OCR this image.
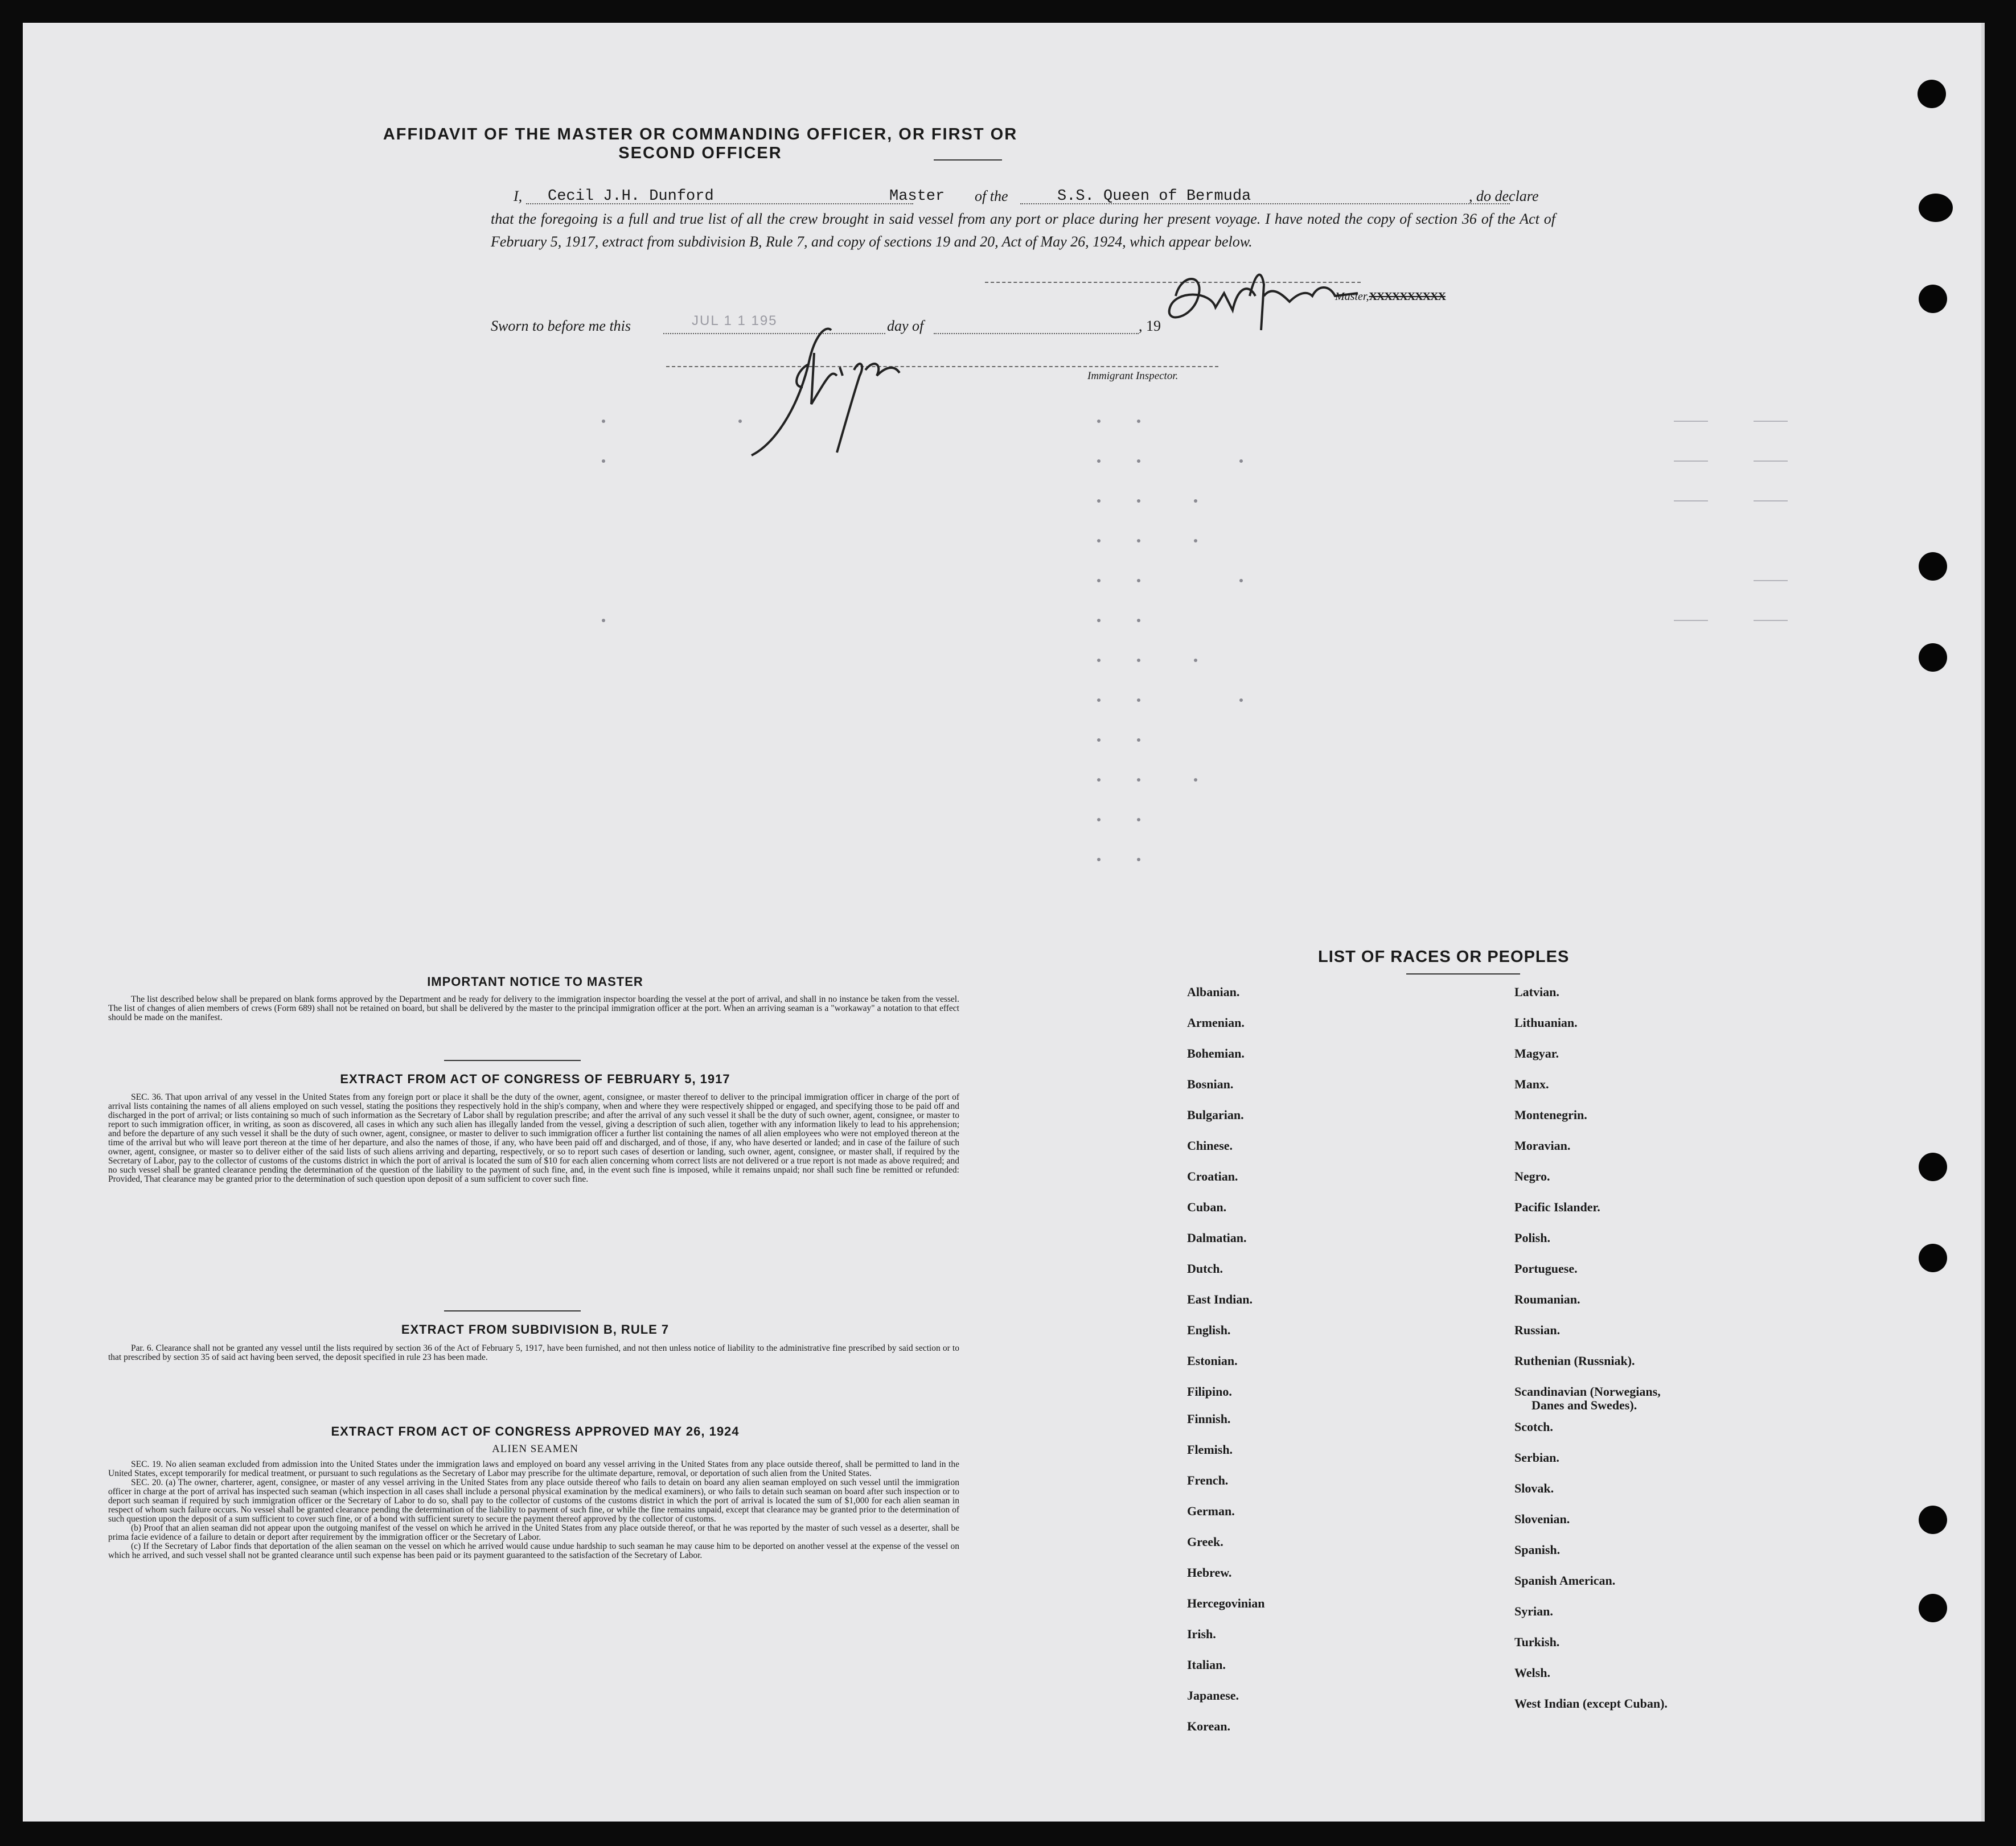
AFFIDAVIT OF THE MASTER OR COMMANDING OFFICER, OR FIRST OR SECOND OFFICER
I, Cecil J.H. Dunford	Master of the	S.S. Queen of Bermuda	, do declare
that the foregoing is a full and true list of all the crew brought in said vessel from any port or place during her present voyage. I have noted the copy of section 36 of the Act of February 5, 1917, extract from subdivision B, Rule 7, and copy of sections 19 and 20, Act of May 26, 1924, which appear below.
Master,XXXXXXXXXX
Sworn to before me this	JUL 1 1 195	day of	, 19
Immigrant Inspector.
IMPORTANT NOTICE TO MASTER
The list described below shall be prepared on blank forms approved by the Department and be ready for delivery to the immigration inspector boarding the vessel at the port of arrival, and shall in no instance be taken from the vessel. The list of changes of alien members of crews (Form 689) shall not be retained on board, but shall be delivered by the master to the principal immigration officer at the port. When an arriving seaman is a "workaway" a notation to that effect should be made on the manifest.
EXTRACT FROM ACT OF CONGRESS OF FEBRUARY 5, 1917
SEC. 36. That upon arrival of any vessel in the United States from any foreign port or place it shall be the duty of the owner, agent, consignee, or master thereof to deliver to the principal immigration officer in charge of the port of arrival lists containing the names of all aliens employed on such vessel, stating the positions they respectively hold in the ship's company, when and where they were respectively shipped or engaged, and specifying those to be paid off and discharged in the port of arrival; or lists containing so much of such information as the Secretary of Labor shall by regulation prescribe; and after the arrival of any such vessel it shall be the duty of such owner, agent, consignee, or master to report to such immigration officer, in writing, as soon as discovered, all cases in which any such alien has illegally landed from the vessel, giving a description of such alien, together with any information likely to lead to his apprehension; and before the departure of any such vessel it shall be the duty of such owner, agent, consignee, or master to deliver to such immigration officer a further list containing the names of all alien employees who were not employed thereon at the time of the arrival but who will leave port thereon at the time of her departure, and also the names of those, if any, who have been paid off and discharged, and of those, if any, who have deserted or landed; and in case of the failure of such owner, agent, consignee, or master so to deliver either of the said lists of such aliens arriving and departing, respectively, or so to report such cases of desertion or landing, such owner, agent, consignee, or master shall, if required by the Secretary of Labor, pay to the collector of customs of the customs district in which the port of arrival is located the sum of $10 for each alien concerning whom correct lists are not delivered or a true report is not made as above required; and no such vessel shall be granted clearance pending the determination of the question of the liability to the payment of such fine, and, in the event such fine is imposed, while it remains unpaid; nor shall such fine be remitted or refunded: Provided, That clearance may be granted prior to the determination of such question upon deposit of a sum sufficient to cover such fine.
EXTRACT FROM SUBDIVISION B, RULE 7
Par. 6. Clearance shall not be granted any vessel until the lists required by section 36 of the Act of February 5, 1917, have been furnished, and not then unless notice of liability to the administrative fine prescribed by said section or to that prescribed by section 35 of said act having been served, the deposit specified in rule 23 has been made.
EXTRACT FROM ACT OF CONGRESS APPROVED MAY 26, 1924
ALIEN SEAMEN

SEC. 19. No alien seaman excluded from admission into the United States under the immigration laws and employed on board any vessel arriving in the United States from any place outside thereof, shall be permitted to land in the United States, except temporarily for medical treatment, or pursuant to such regulations as the Secretary of Labor may prescribe for the ultimate departure, removal, or deportation of such alien from the United States.

SEC. 20. (a) The owner, charterer, agent, consignee, or master of any vessel arriving in the United States from any place outside thereof who fails to detain on board any alien seaman employed on such vessel until the immigration officer in charge at the port of arrival has inspected such seaman (which inspection in all cases shall include a personal physical examination by the medical examiners), or who fails to detain such seaman on board after such inspection or to deport such seaman if required by such immigration officer or the Secretary of Labor to do so, shall pay to the collector of customs of the customs district in which the port of arrival is located the sum of $1,000 for each alien seaman in respect of whom such failure occurs. No vessel shall be granted clearance pending the determination of the liability to payment of such fine, or while the fine remains unpaid, except that clearance may be granted prior to the determination of such question upon the deposit of a sum sufficient to cover such fine, or of a bond with sufficient surety to secure the payment thereof approved by the collector of customs.

(b) Proof that an alien seaman did not appear upon the outgoing manifest of the vessel on which he arrived in the United States from any place outside thereof, or that he was reported by the master of such vessel as a deserter, shall be prima facie evidence of a failure to detain or deport after requirement by the immigration officer or the Secretary of Labor.

(c) If the Secretary of Labor finds that deportation of the alien seaman on the vessel on which he arrived would cause undue hardship to such seaman he may cause him to be deported on another vessel at the expense of the vessel on which he arrived, and such vessel shall not be granted clearance until such expense has been paid or its payment guaranteed to the satisfaction of the Secretary of Labor.

LIST OF RACES OR PEOPLES
Albanian.
Armenian.
Bohemian.
Bosnian.
Bulgarian.
Chinese.
Croatian.
Cuban.
Dalmatian.
Dutch.
East Indian.
English.
Estonian.
Filipino.
Finnish.
Flemish.
French.
German.
Greek.
Hebrew.
Hercegovinian
Irish.
Italian.
Japanese.
Korean.
Latvian.
Lithuanian.
Magyar.
Manx.
Montenegrin.
Moravian.
Negro.
Pacific Islander.
Polish.
Portuguese.
Roumanian.
Russian.
Ruthenian (Russniak).
Scandinavian (Norwegians,
Danes and Swedes).
Scotch.
Serbian.
Slovak.
Slovenian.
Spanish.
Spanish American.
Syrian.
Turkish.
Welsh.
West Indian (except Cuban).
